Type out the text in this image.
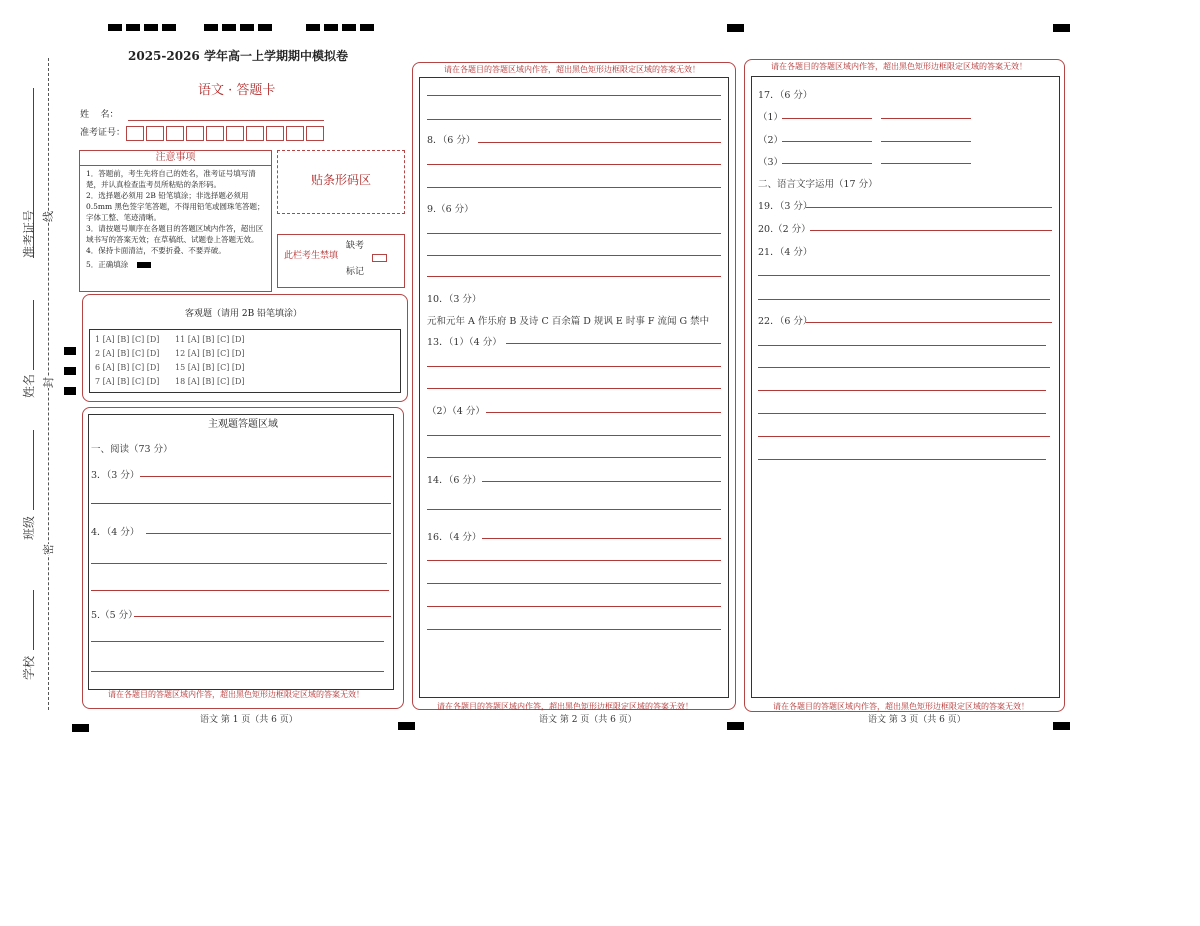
准考证号 线
姓名 封
班级
密
学校
2025-2026 学年高一上学期期中模拟卷
语文 · 答题卡
姓    名：
准考证号：
注意事项
1．答题前，考生先将自己的姓名，准考证号填写清楚，并认真检查监考员所粘贴的条形码。
2．选择题必须用 2B 铅笔填涂；非选择题必须用 0.5mm 黑色签字笔答题，不得用铅笔或圆珠笔答题；字体工整、笔迹清晰。
3．请按题号顺序在各题目的答题区域内作答，超出区域书写的答案无效；在草稿纸、试题卷上答题无效。
4．保持卡面清洁，不要折叠、不要弄破。
5．正确填涂
贴条形码区
此栏考生禁填
缺考
标记
客观题（请用 2B 铅笔填涂）
1 [A] [B] [C] [D] 11 [A] [B] [C] [D]
2 [A] [B] [C] [D] 12 [A] [B] [C] [D]
6 [A] [B] [C] [D] 15 [A] [B] [C] [D]
7 [A] [B] [C] [D] 18 [A] [B] [C] [D]
主观题答题区域
一、阅读（73 分）
3．（3 分）
4．（4 分）
5.（5 分）
请在各题目的答题区域内作答，超出黑色矩形边框限定区域的答案无效！
语文 第 1 页（共 6 页）
请在各题目的答题区域内作答，超出黑色矩形边框限定区域的答案无效！
8．（6 分）
9.（6 分）
10．（3 分）
元和元年 A 作乐府 B 及诗 C 百余篇 D 规讽 E 时事 F 流闻 G 禁中
13．（1）（4 分）
（2）（4 分）
14．（6 分）
16．（4 分）
请在各题目的答题区域内作答，超出黑色矩形边框限定区域的答案无效！
语文 第 2 页（共 6 页）
请在各题目的答题区域内作答，超出黑色矩形边框限定区域的答案无效！
17．（6 分）
（1）
（2）
（3）
二、语言文字运用（17 分）
19．（3 分）
20.（2 分）
21．（4 分）
22．（6 分）
请在各题目的答题区域内作答，超出黑色矩形边框限定区域的答案无效！
语文 第 3 页（共 6 页）
